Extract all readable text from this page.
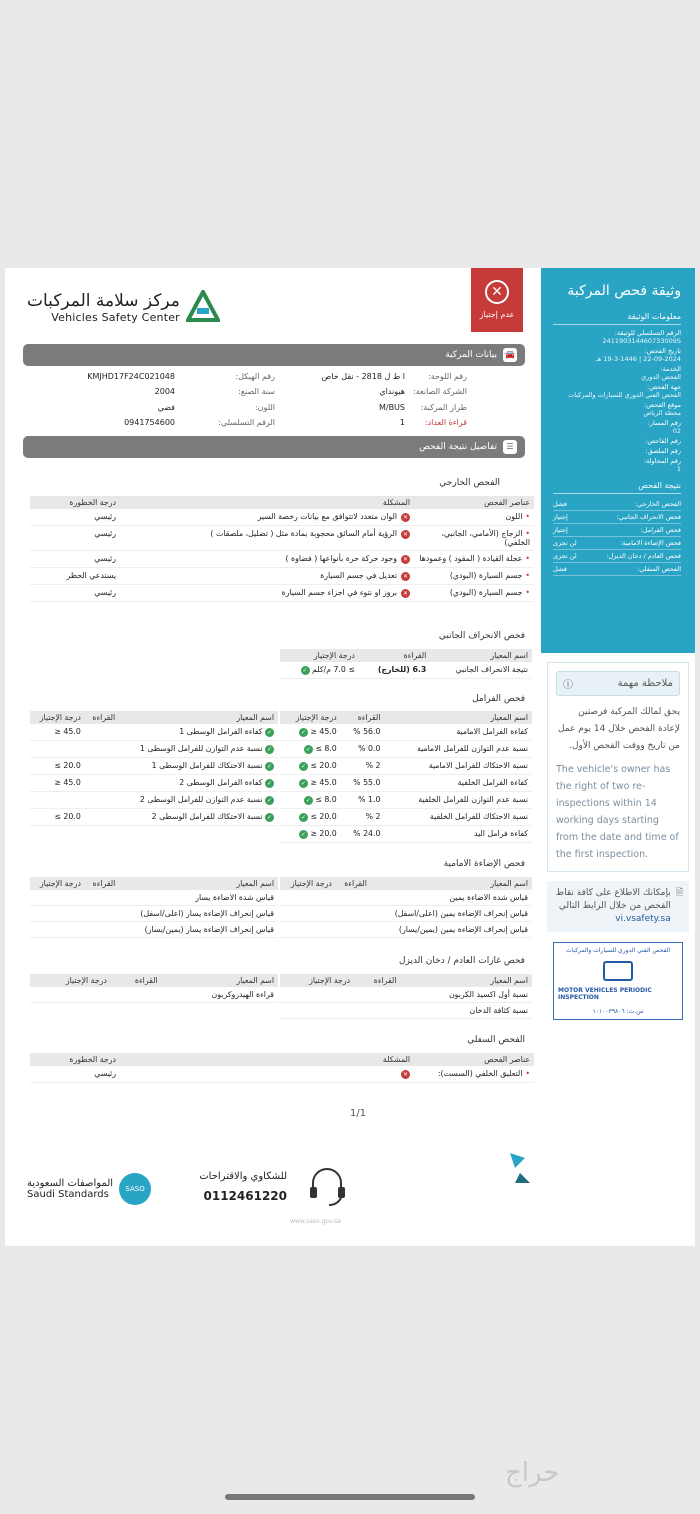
مركز سلامة المركبات
Vehicles Safety Center
✕
عدم إجتياز
🚘
بيانات المركبة
رقم اللوحة:
ا ط ل 2818 - نقل خاص
رقم الهيكل:
KMJHD17F24C021048
الشركة الصانعة:
هيونداي
سنة الصنع:
2004
طراز المركبة:
M/BUS
اللون:
فضي
قراءة العداد:
1
الرقم التسلسلي:
0941754600
☰
تفاصيل نتيجة الفحص
الفحص الخارجي
عناصر الفحص	المشكلة	درجة الخطورة
•اللون	✕الوان متعدد لاتتوافق مع بيانات رخصة السير	رئيسي
•الزجاج (الأمامي، الجانبي، الخلفي)	✕الرؤية أمام السائق محجوبة بمادة مثل ( تضليل، ملصقات )	رئيسي
•عجلة القيادة ( المقود ) وعمودها	✕وجود حركة حرة بأنواعها ( فضاوة )	رئيسي
•جسم السيارة (البودي)	✕تعديل في جسم السيارة	يستدعي الحظر
•جسم السيارة (البودي)	✕بروز او نتوء في اجزاء جسم السيارة	رئيسي
فحص الانحراف الجانبي
اسم المعيار	القراءة	درجة الإجتياز
نتيجة الانحراف الجانبي	6.3 (للخارج)	≥ 7.0 م/كلم ✓
فحص الفرامل
اسم المعيار	القراءة	درجة الإجتياز
كفاءة الفرامل الامامية	56.0 %	45.0 ≤ ✓
نسبة عدم التوازن للفرامل الامامية	0.0 %	8.0 ≥ ✓
نسبة الاحتكاك للفرامل الامامية	2 %	20.0 ≥ ✓
كفاءة الفرامل الخلفية	55.0 %	45.0 ≤ ✓
نسبة عدم التوازن للفرامل الخلفية	1.0 %	8.0 ≥ ✓
نسبة الاحتكاك للفرامل الخلفية	2 %	20.0 ≥ ✓
كفاءة فرامل اليد	24.0 %	20.0 ≤ ✓
اسم المعيار	القراءة	درجة الإجتياز
✓ كفاءة الفرامل الوسطى 1		45.0 ≤
✓ نسبة عدم التوازن للفرامل الوسطى 1		
✓ نسبة الاحتكاك للفرامل الوسطى 1		20.0 ≥
✓ كفاءة الفرامل الوسطى 2		45.0 ≤
✓ نسبة عدم التوازن للفرامل الوسطى 2		
✓ نسبة الاحتكاك للفرامل الوسطى 2		20.0 ≥
فحص الإضاءة الامامية
اسم المعيار	القراءة	درجة الإجتياز
قياس شدة الاضاءة يمين		
قياس إنحراف الإضاءة يمين (اعلى/اسفل)		
قياس إنحراف الإضاءة يمين (يمين/يسار)		
اسم المعيار	القراءة	درجة الإجتياز
قياس شدة الاضاءة يسار		
قياس إنحراف الإضاءة يسار (اعلى/اسفل)		
قياس إنحراف الإضاءة يسار (يمين/يسار)		
فحص غازات العادم / دخان الديزل
اسم المعيار	القراءة	درجة الإجتياز
نسبة أول اكسيد الكربون		
نسبة كثافة الدخان		
اسم المعيار	القراءة	درجة الإجتياز
قراءة الهيدروكربون		
الفحص السفلي
عناصر الفحص	المشكلة	درجة الخطورة
•التعليق الخلفي (السست):	✕	رئيسي
1/1
المواصفات السعودية
Saudi Standards	SASO
للشكاوي والاقتراحات
0112461220
www.saso.gov.sa
وثيقة فحص المركبة
معلومات الوثيقة
الرقم التسلسلي للوثيقة:
241190314460733009S
تاريخ الفحص:
22-09-2024 | 19-3-1446 هـ
الخدمة:
الفحص الدوري
جهة الفحص:
الفحص الفني الدوري للسيارات والمركبات
موقع الفحص:
محطة الرياض
رقم المسار:
02
رقم الفاحص:
رقم الملصق:
رقم المحاولة:
1
نتيجة الفحص
الفحص الخارجي:
فشل
فحص الانحراف الجانبي:
إجتياز
فحص الفرامل:
إجتياز
فحص الإضاءة الامامية:
لن تجرى
فحص العادم / دخان الديزل:
لن تجرى
الفحص السفلي:
فشل
ملاحظة مهمة
ⓘ
يحق لمالك المركبة فرصتين لإعادة الفحص خلال 14 يوم عمل من تاريخ ووقت الفحص الأول.
The vehicle's owner has the right of two re-inspections within 14 working days starting from the date and time of the first inspection.
🗎
بإمكانك الاطلاع على كافة نقاط الفحص من خلال الرابط التالي vi.vsafety.sa
الفحص الفني الدوري للسيارات والمركبات
MOTOR VEHICLES PERIODIC INSPECTION
س.ت: ١٠١٠٠٣٩٨٠٦
حراج
